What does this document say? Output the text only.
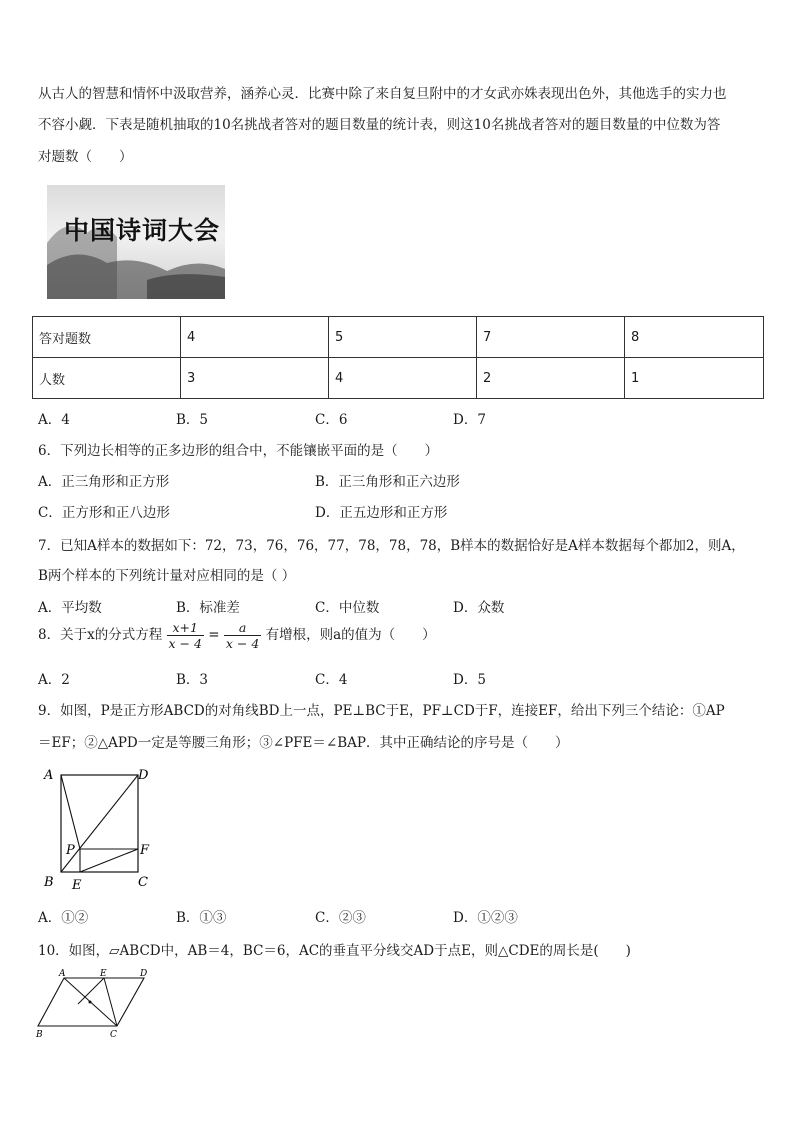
从古人的智慧和情怀中汲取营养，涵养心灵．比赛中除了来自复旦附中的才女武亦姝表现出色外，其他选手的实力也
不容小觑．下表是随机抽取的10名挑战者答对的题目数量的统计表，则这10名挑战者答对的题目数量的中位数为答
对题数（　　）
中国诗词大会
答对题数	4	5	7	8
人数	3	4	2	1
A．4	B．5	C．6	D．7
6．下列边长相等的正多边形的组合中，不能镶嵌平面的是（　　）
A．正三角形和正方形	B．正三角形和正六边形
C．正方形和正八边形	D．正五边形和正方形
7．已知A样本的数据如下：72，73，76，76，77，78，78，78，B样本的数据恰好是A样本数据每个都加2，则A，
B两个样本的下列统计量对应相同的是（ ）
A．平均数	B．标准差	C．中位数	D．众数
8．关于x的分式方程 $\frac{x+1}{x - 4} = \frac{a}{x - 4}$ 有增根，则a的值为（　　）
A．2	B．3	C．4	D．5
9．如图，P是正方形ABCD的对角线BD上一点，PE⊥BC于E，PF⊥CD于F，连接EF，给出下列三个结论：①AP
＝EF；②△APD一定是等腰三角形；③∠PFE＝∠BAP．其中正确结论的序号是（　　）
A	D
B	C
P
E
F
A．①②	B．①③	C．②③	D．①②③
10．如图，▱ABCD中，AB＝4，BC＝6，AC的垂直平分线交AD于点E，则△CDE的周长是(　　)
A	E	D
B	C
